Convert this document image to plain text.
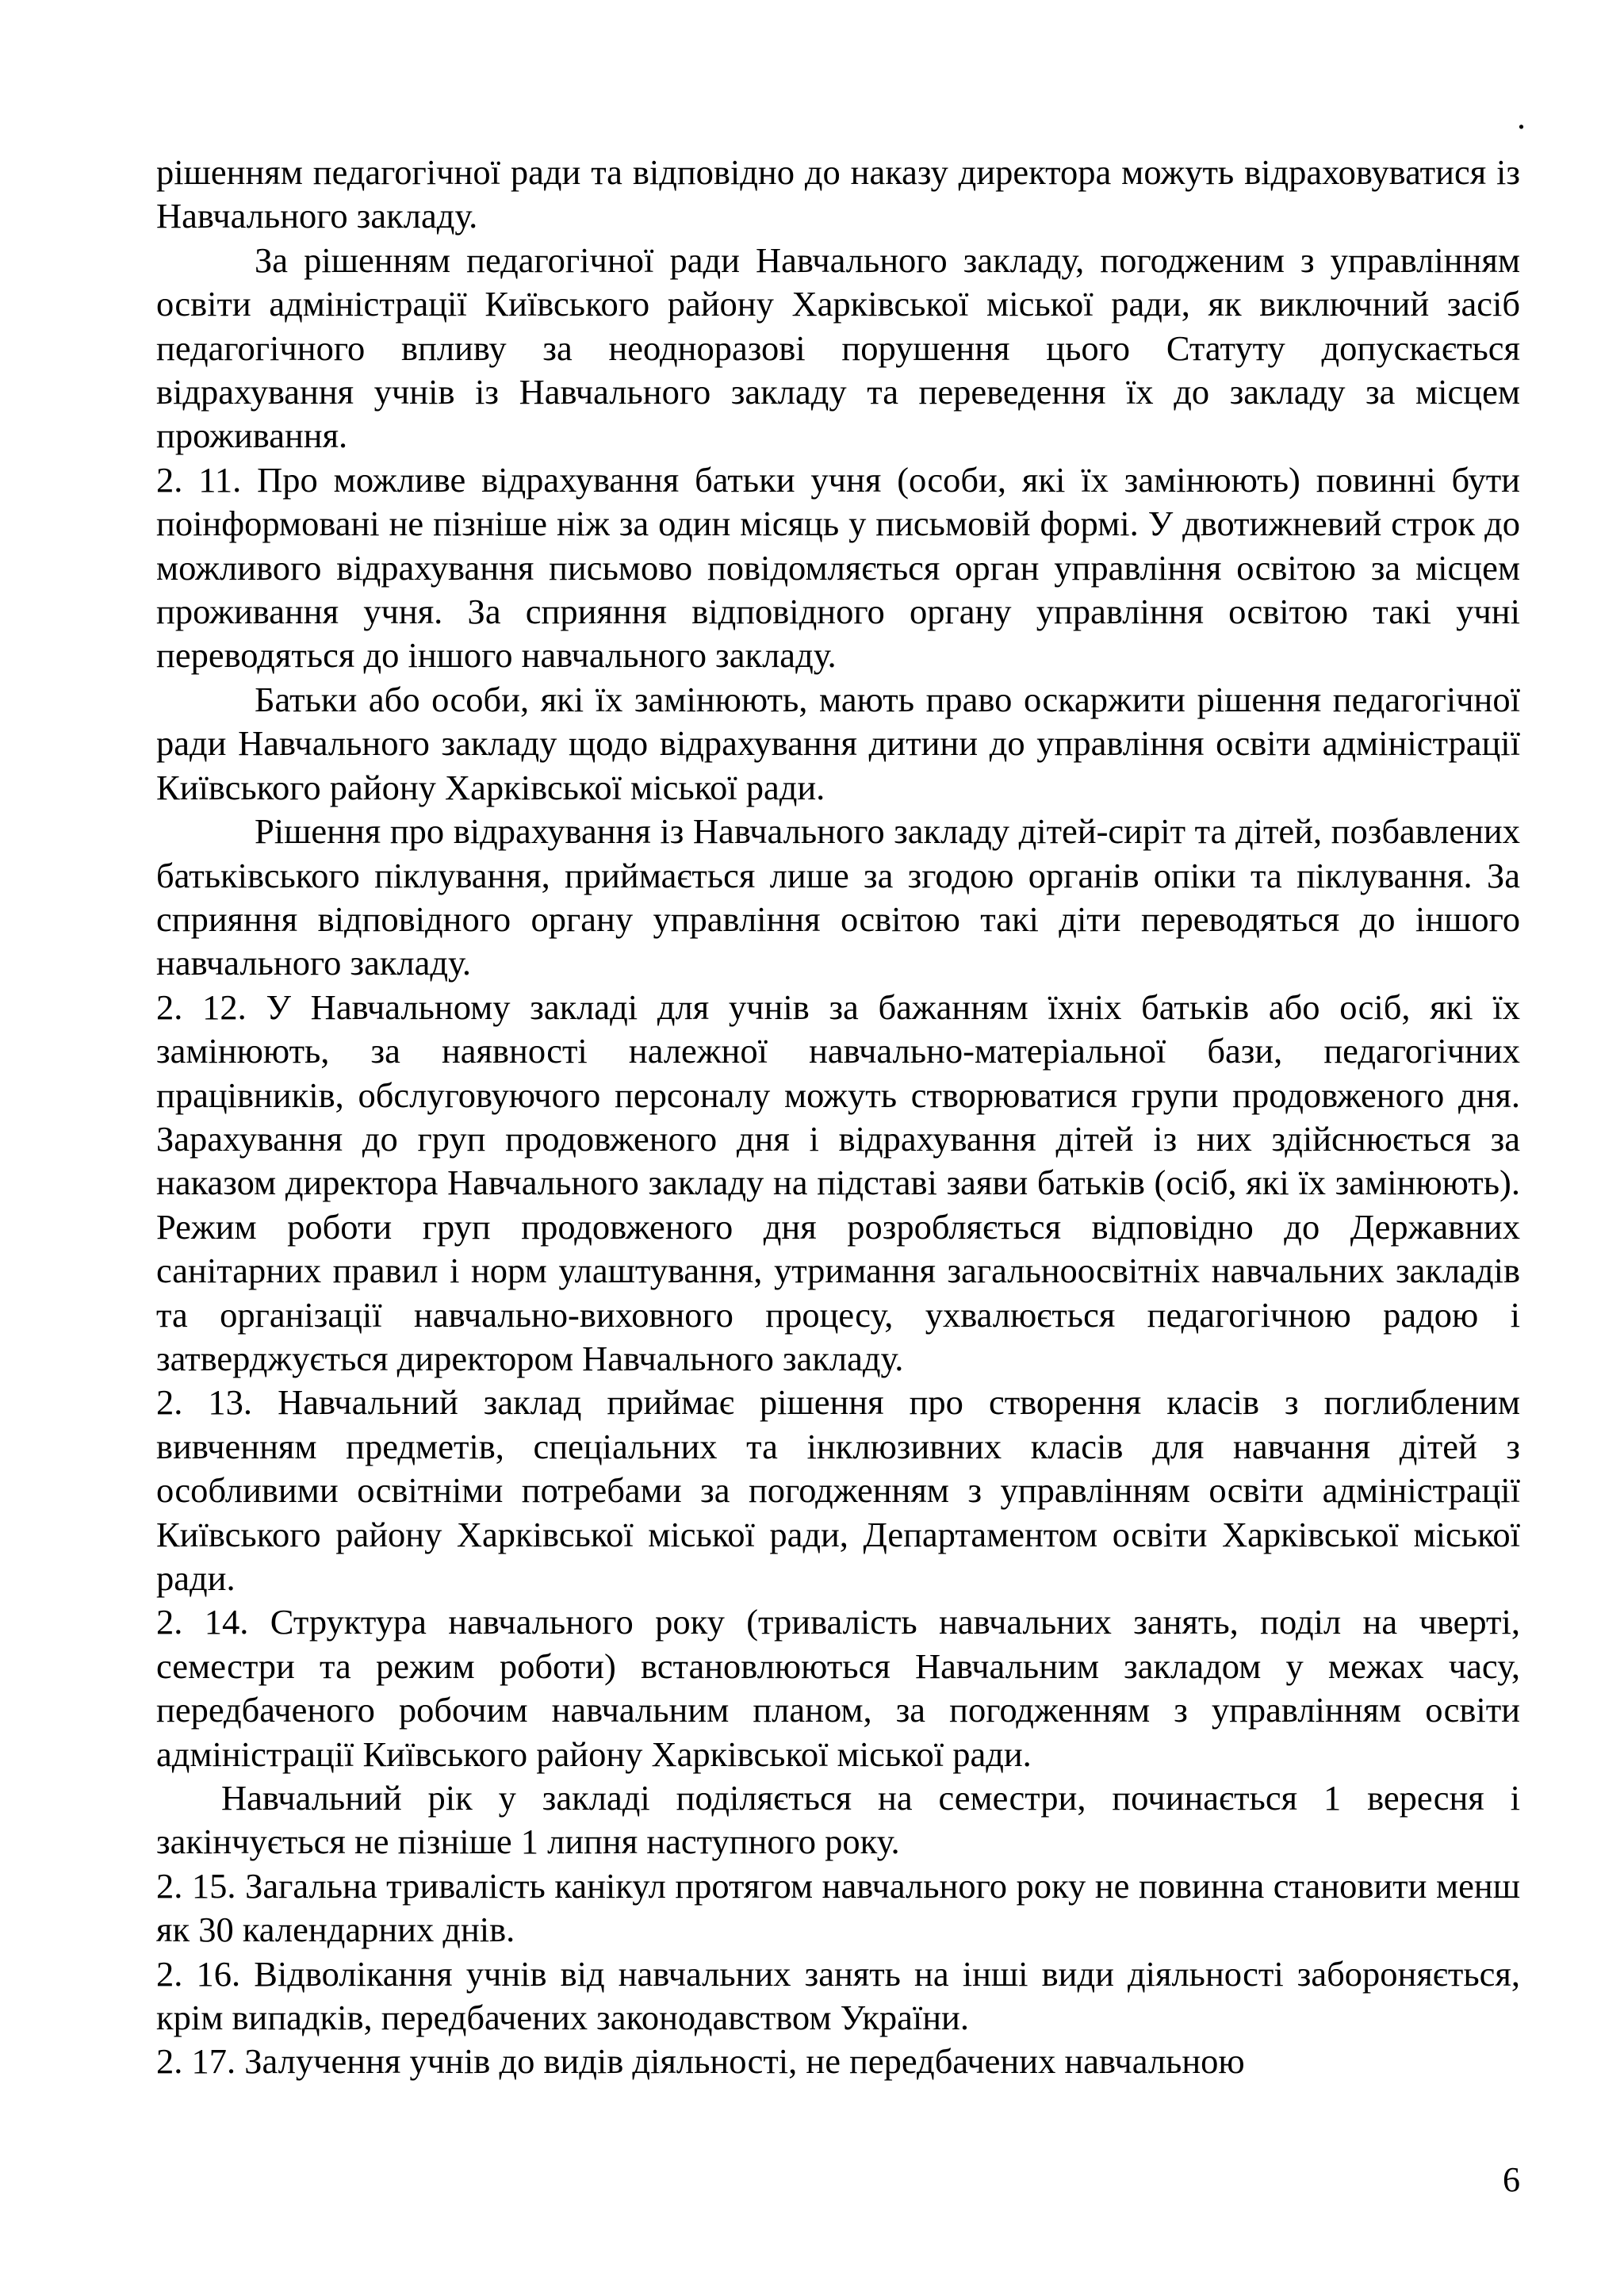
.

рішенням педагогічної ради та відповідно до наказу директора можуть відраховуватися із Навчального закладу.

За рішенням педагогічної ради Навчального закладу, погодженим з управлінням освіти адміністрації Київського району Харківської міської ради, як виключний засіб педагогічного впливу за неодноразові порушення цього Статуту допускається відрахування учнів із Навчального закладу та переведення їх до закладу за місцем проживання.

2. 11. Про можливе відрахування батьки учня (особи, які їх замінюють) повинні бути поінформовані не пізніше ніж за один місяць у письмовій формі. У двотижневий строк до можливого відрахування письмово повідомляється орган управління освітою за місцем проживання учня. За сприяння відповідного органу управління освітою такі учні переводяться до іншого навчального закладу.

Батьки або особи, які їх замінюють, мають право оскаржити рішення педагогічної ради Навчального закладу щодо відрахування дитини до управління освіти адміністрації Київського району Харківської міської ради.

Рішення про відрахування із Навчального закладу дітей-сиріт та дітей, позбавлених батьківського піклування, приймається лише за згодою органів опіки та піклування. За сприяння відповідного органу управління освітою такі діти переводяться до іншого навчального закладу.

2. 12. У Навчальному закладі для учнів за бажанням їхніх батьків або осіб, які їх замінюють, за наявності належної навчально-матеріальної бази, педагогічних працівників, обслуговуючого персоналу можуть створюватися групи продовженого дня. Зарахування до груп продовженого дня і відрахування дітей із них здійснюється за наказом директора Навчального закладу на підставі заяви батьків (осіб, які їх замінюють). Режим роботи груп продовженого дня розробляється відповідно до Державних санітарних правил і норм улаштування, утримання загальноосвітніх навчальних закладів та організації навчально-виховного процесу, ухвалюється педагогічною радою і затверджується директором Навчального закладу.

2. 13. Навчальний заклад приймає рішення про створення класів з поглибленим вивченням предметів, спеціальних та інклюзивних класів для навчання дітей з особливими освітніми потребами за погодженням з управлінням освіти адміністрації Київського району Харківської міської ради, Департаментом освіти Харківської міської ради.

2. 14. Структура навчального року (тривалість навчальних занять, поділ на чверті, семестри та режим роботи) встановлюються Навчальним закладом у межах часу, передбаченого робочим навчальним планом, за погодженням з управлінням освіти адміністрації Київського району Харківської міської ради.

Навчальний рік у закладі поділяється на семестри, починається 1 вересня і закінчується не пізніше 1 липня наступного року.

2. 15. Загальна тривалість канікул протягом навчального року не повинна становити менш як 30 календарних днів.

2. 16. Відволікання учнів від навчальних занять на інші види діяльності забороняється, крім випадків, передбачених законодавством України.

2. 17. Залучення учнів до видів діяльності, не передбачених навчальною

6
